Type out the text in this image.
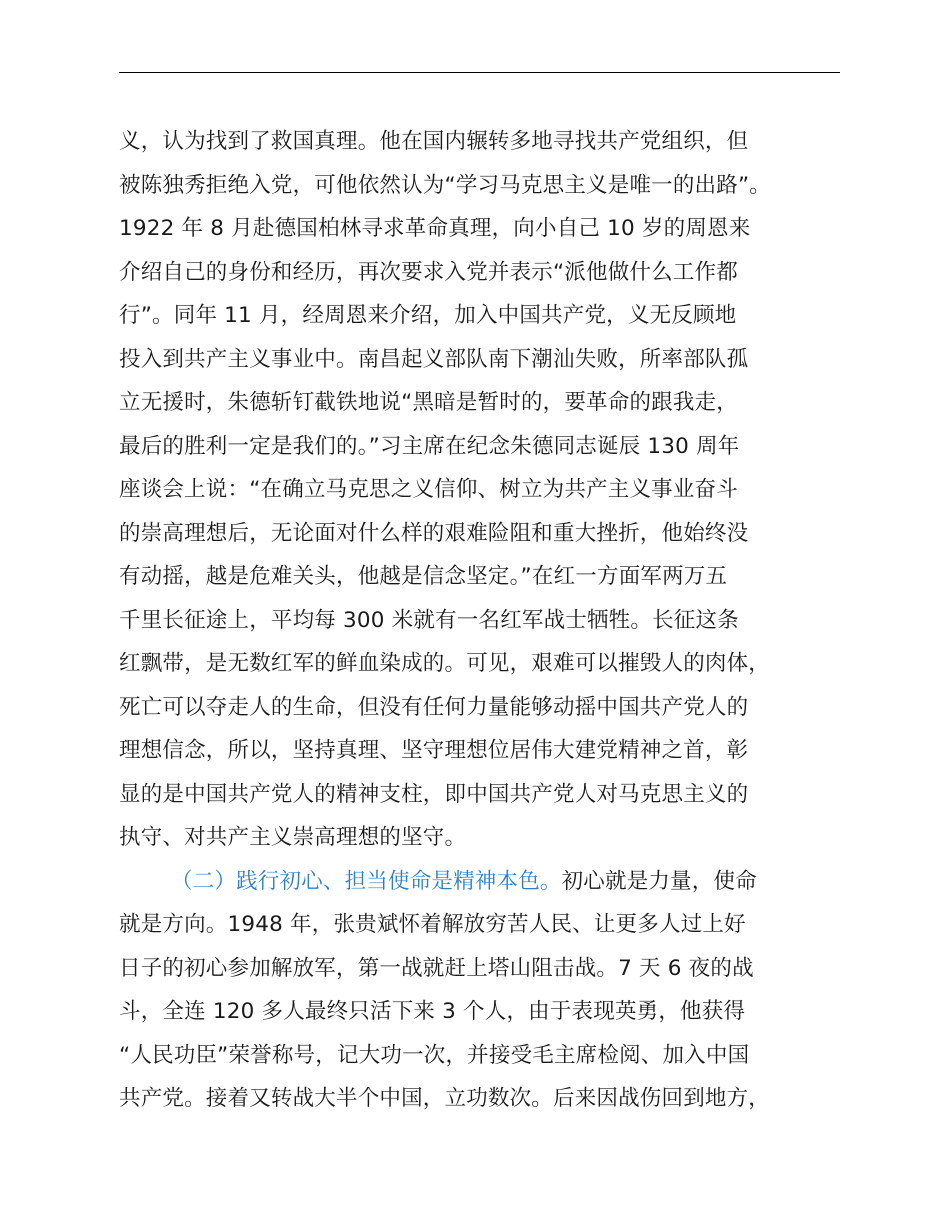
义，认为找到了救国真理。他在国内辗转多地寻找共产党组织，但
被陈独秀拒绝入党，可他依然认为“学习马克思主义是唯一的出路”。
1922 年 8 月赴德国柏林寻求革命真理，向小自己 10 岁的周恩来
介绍自己的身份和经历，再次要求入党并表示“派他做什么工作都
行”。同年 11 月，经周恩来介绍，加入中国共产党，义无反顾地
投入到共产主义事业中。南昌起义部队南下潮汕失败，所率部队孤
立无援时，朱德斩钉截铁地说“黑暗是暂时的，要革命的跟我走，
最后的胜利一定是我们的。”习主席在纪念朱德同志诞辰 130 周年
座谈会上说：“在确立马克思之义信仰、树立为共产主义事业奋斗
的崇高理想后，无论面对什么样的艰难险阻和重大挫折，他始终没
有动摇，越是危难关头，他越是信念坚定。”在红一方面军两万五
千里长征途上，平均每 300 米就有一名红军战士牺牲。长征这条
红飘带，是无数红军的鲜血染成的。可见，艰难可以摧毁人的肉体，
死亡可以夺走人的生命，但没有任何力量能够动摇中国共产党人的
理想信念，所以，坚持真理、坚守理想位居伟大建党精神之首，彰
显的是中国共产党人的精神支柱，即中国共产党人对马克思主义的
执守、对共产主义崇高理想的坚守。
（二）践行初心、担当使命是精神本色。初心就是力量，使命
就是方向。1948 年，张贵斌怀着解放穷苦人民、让更多人过上好
日子的初心参加解放军，第一战就赶上塔山阻击战。7 天 6 夜的战
斗，全连 120 多人最终只活下来 3 个人，由于表现英勇，他获得
“人民功臣”荣誉称号，记大功一次，并接受毛主席检阅、加入中国
共产党。接着又转战大半个中国，立功数次。后来因战伤回到地方，
